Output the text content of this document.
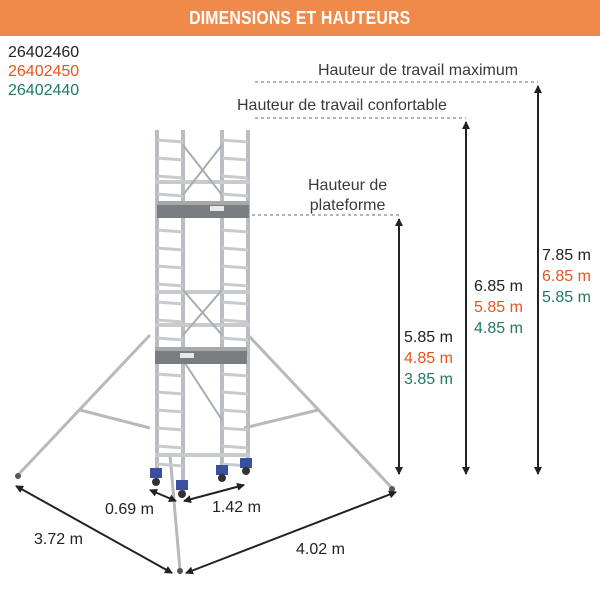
DIMENSIONS ET HAUTEURS
26402460
26402450
26402440
Hauteur de travail maximum
Hauteur de travail confortable
Hauteur de
plateforme
5.85 m
4.85 m
3.85 m
6.85 m
5.85 m
4.85 m
7.85 m
6.85 m
5.85 m
0.69 m	1.42 m
3.72 m
4.02 m
